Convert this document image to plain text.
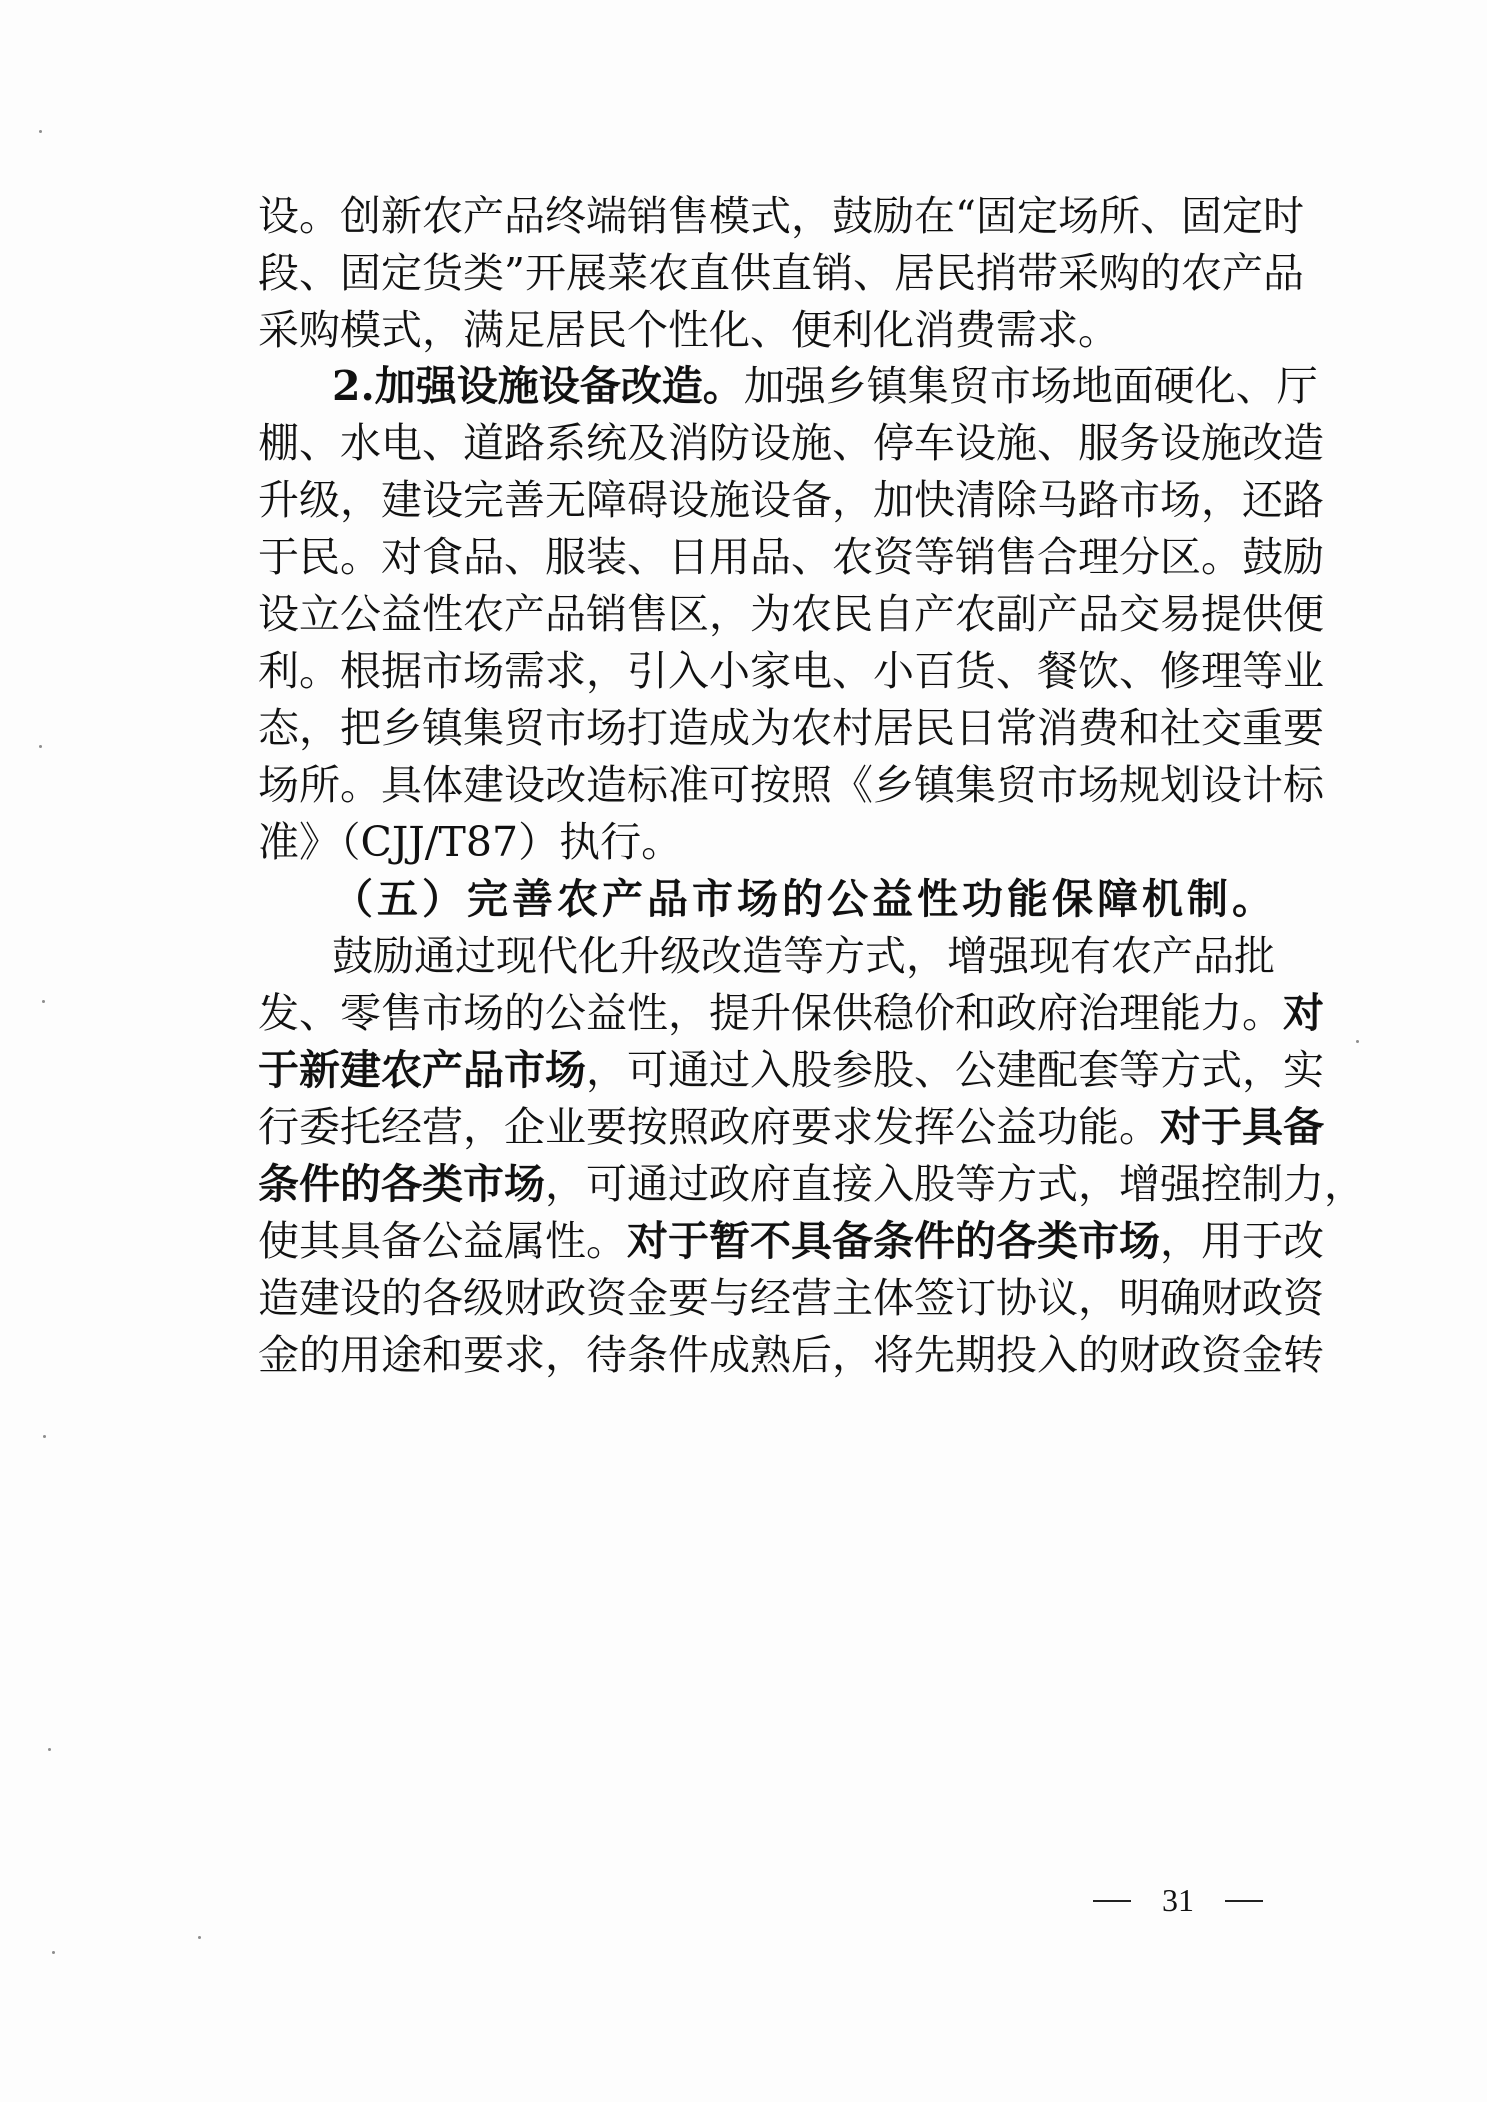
设。创新农产品终端销售模式，鼓励在“固定场所、固定时
段、固定货类”开展菜农直供直销、居民捎带采购的农产品
采购模式，满足居民个性化、便利化消费需求。
2.加强设施设备改造。加强乡镇集贸市场地面硬化、厅
棚、水电、道路系统及消防设施、停车设施、服务设施改造
升级，建设完善无障碍设施设备，加快清除马路市场，还路
于民。对食品、服装、日用品、农资等销售合理分区。鼓励
设立公益性农产品销售区，为农民自产农副产品交易提供便
利。根据市场需求，引入小家电、小百货、餐饮、修理等业
态，把乡镇集贸市场打造成为农村居民日常消费和社交重要
场所。具体建设改造标准可按照《乡镇集贸市场规划设计标
准》（CJJ/T87）执行。
（五）完善农产品市场的公益性功能保障机制。
鼓励通过现代化升级改造等方式，增强现有农产品批
发、零售市场的公益性，提升保供稳价和政府治理能力。对
于新建农产品市场，可通过入股参股、公建配套等方式，实
行委托经营，企业要按照政府要求发挥公益功能。对于具备
条件的各类市场，可通过政府直接入股等方式，增强控制力，
使其具备公益属性。对于暂不具备条件的各类市场，用于改
造建设的各级财政资金要与经营主体签订协议，明确财政资
金的用途和要求，待条件成熟后，将先期投入的财政资金转
31
